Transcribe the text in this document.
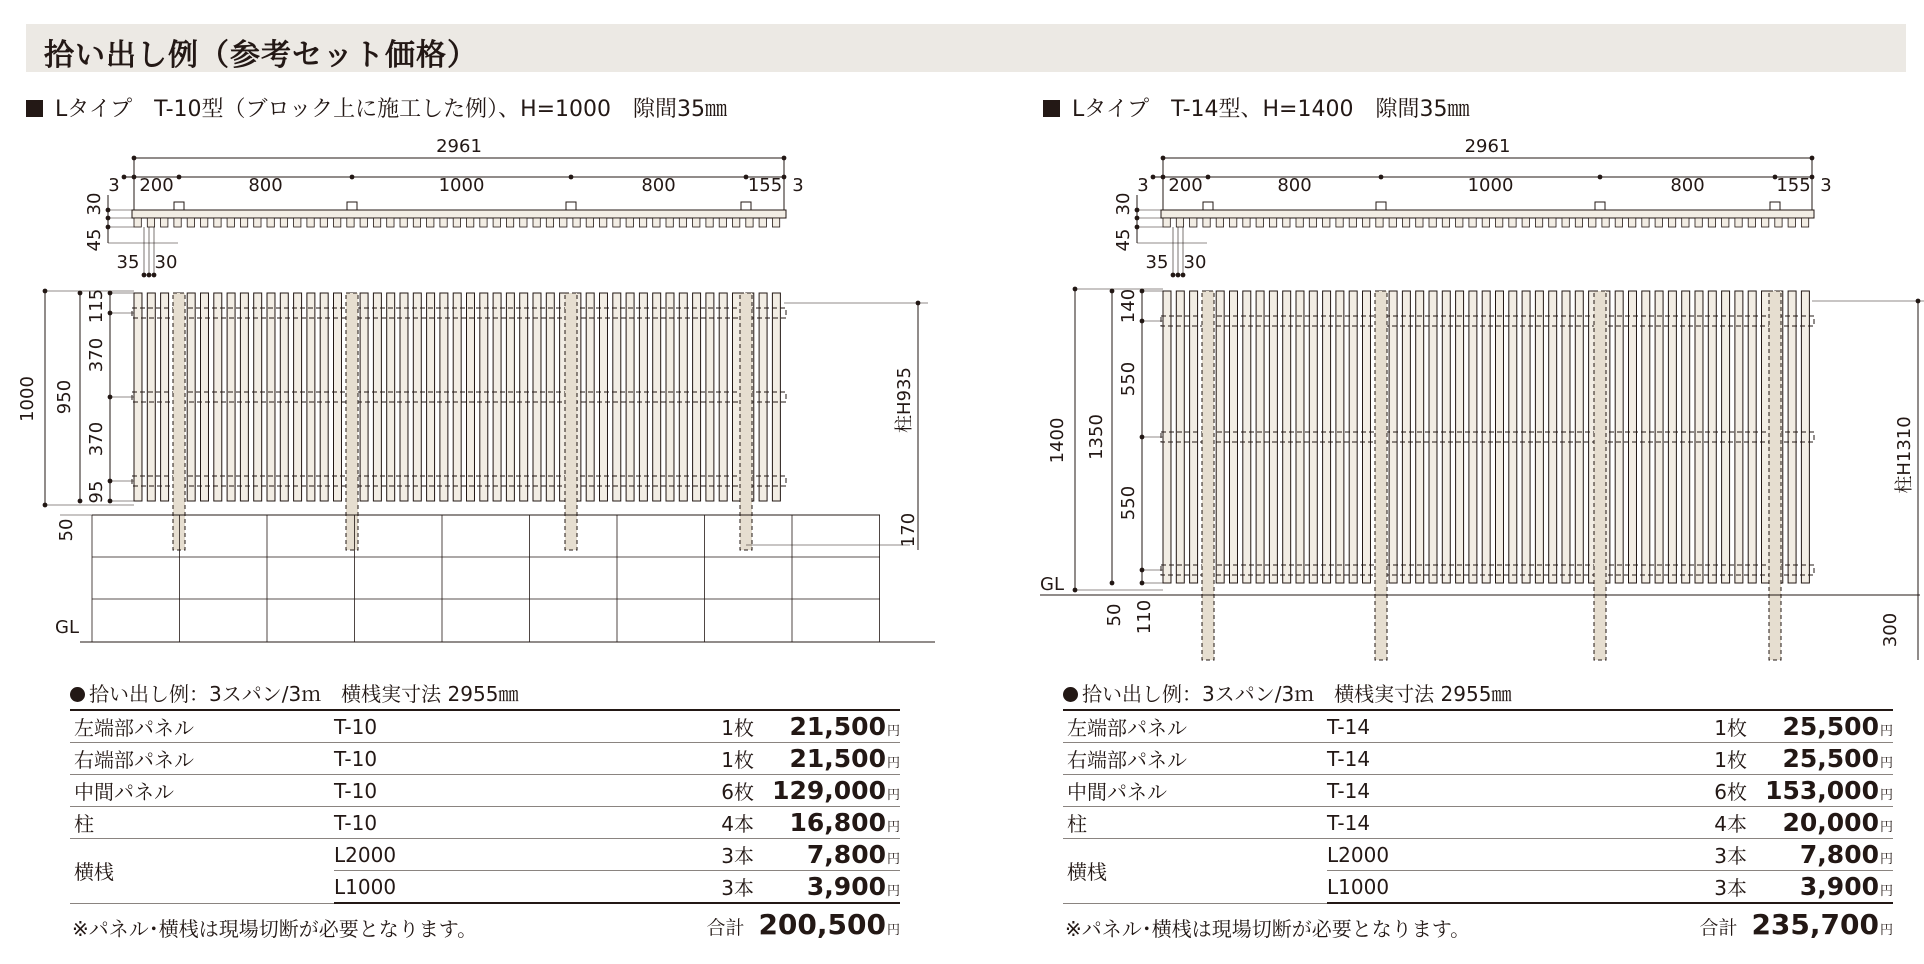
拾い出し例（参考セット価格）
Lタイプ　T-10型（ブロック上に施工した例）、H=1000　隙間35㎜	Lタイプ　T-14型、H=1400　隙間35㎜
2961
3 200	800	1000	800	155 3
30
45
35 30
1000 950
115
370
370
95
柱H935
GL
50	170
2961
3 200	800	1000	800	155 3
30
45
35 30
1400 1350
140
550
550
柱H1310
GL
50 110	300
拾い出し例：3スパン/3ｍ　横桟実寸法 2955㎜
左端部パネル	T-10	1枚	21,500円
右端部パネル	T-10	1枚	21,500円
中間パネル	T-10	6枚	129,000円
柱	T-10	4本	16,800円
横桟	L2000	3本	7,800円
	L1000	3本	3,900円
※パネル･横桟は現場切断が必要となります。	合計 200,500円
拾い出し例：3スパン/3ｍ　横桟実寸法 2955㎜
左端部パネル	T-14	1枚	25,500円
右端部パネル	T-14	1枚	25,500円
中間パネル	T-14	6枚	153,000円
柱	T-14	4本	20,000円
横桟	L2000	3本	7,800円
	L1000	3本	3,900円
※パネル･横桟は現場切断が必要となります。	合計 235,700円
